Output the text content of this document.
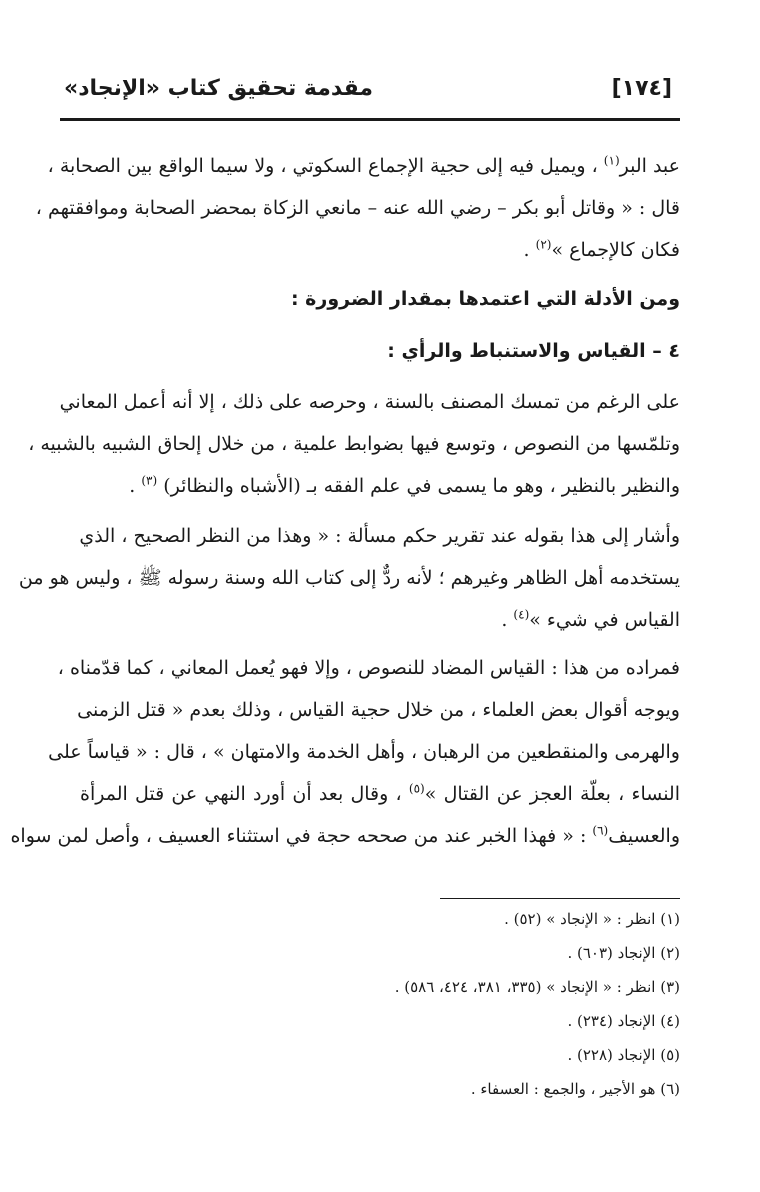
[١٧٤]
مقدمة تحقيق كتاب «الإنجاد»
عبد البر$^{(١)}$ ، ويميل فيه إلى حجية الإجماع السكوتي ، ولا سيما الواقع بين الصحابة ،
قال : « وقاتل أبو بكر – رضي الله عنه – مانعي الزكاة بمحضر الصحابة وموافقتهم ،
فكان كالإجماع »$^{(٢)}$ .
ومن الأدلة التي اعتمدها بمقدار الضرورة :
٤ – القياس والاستنباط والرأي :
على الرغم من تمسك المصنف بالسنة ، وحرصه على ذلك ، إلا أنه أعمل المعاني
وتلمّسها من النصوص ، وتوسع فيها بضوابط علمية ، من خلال إلحاق الشبيه بالشبيه ،
والنظير بالنظير ، وهو ما يسمى في علم الفقه بـ (الأشباه والنظائر) $^{(٣)}$ .
وأشار إلى هذا بقوله عند تقرير حكم مسألة : « وهذا من النظر الصحيح ، الذي
يستخدمه أهل الظاهر وغيرهم ؛ لأنه ردٌّ إلى كتاب الله وسنة رسوله ﷺ ، وليس هو من
القياس في شيء »$^{(٤)}$ .
فمراده من هذا : القياس المضاد للنصوص ، وإلا فهو يُعمل المعاني ، كما قدّمناه ،
ويوجه أقوال بعض العلماء ، من خلال حجية القياس ، وذلك بعدم « قتل الزمنى
والهرمى والمنقطعين من الرهبان ، وأهل الخدمة والامتهان » ، قال : « قياساً على
النساء ، بعلّة العجز عن القتال »$^{(٥)}$ ، وقال بعد أن أورد النهي عن قتل المرأة
والعسيف$^{(٦)}$ : « فهذا الخبر عند من صححه حجة في استثناء العسيف ، وأصل لمن سواه
(١) انظر : « الإنجاد » (٥٢) .
(٢) الإنجاد (٦٠٣) .
(٣) انظر : « الإنجاد » (٣٣٥، ٣٨١، ٤٢٤، ٥٨٦) .
(٤) الإنجاد (٢٣٤) .
(٥) الإنجاد (٢٢٨) .
(٦) هو الأجير ، والجمع : العسفاء .
